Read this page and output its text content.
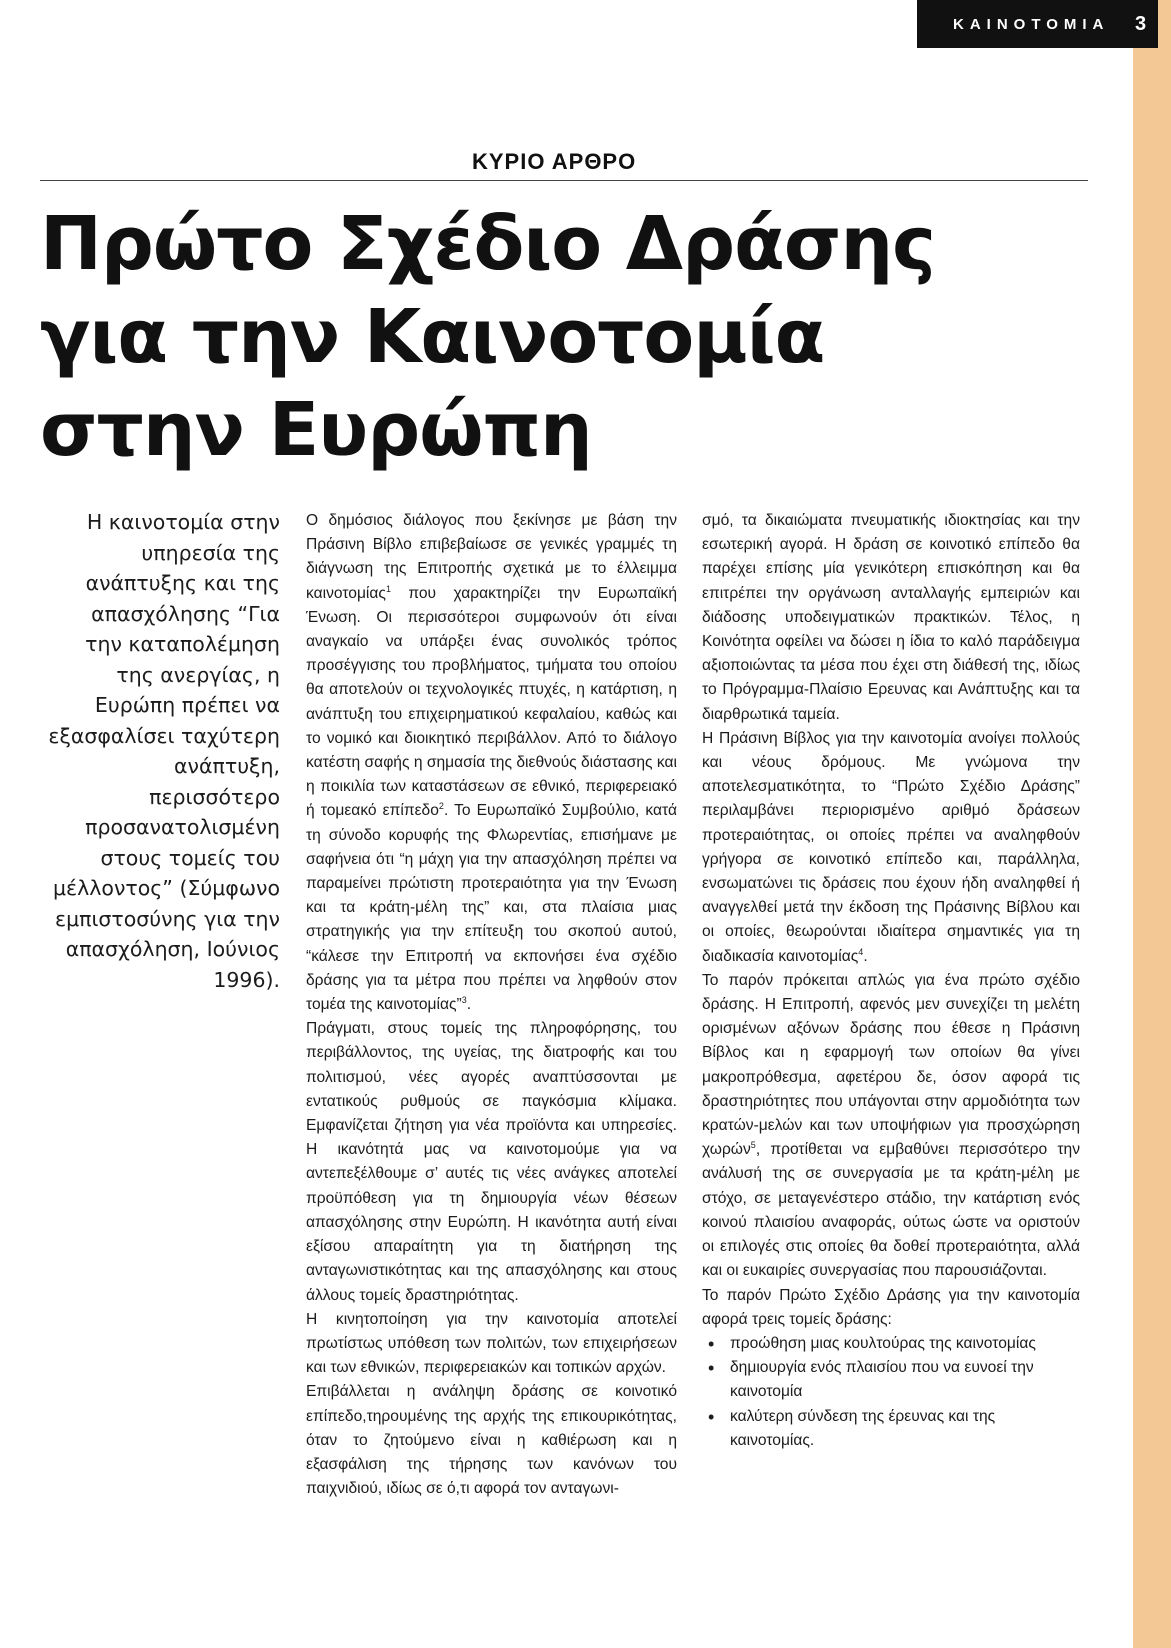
ΚΑΙΝΟΤΟΜΙΑ 3
ΚΥΡΙΟ ΑΡΘΡΟ
Πρώτο Σχέδιο Δράσης
για την Καινοτομία
στην Ευρώπη

Η καινοτομία στην υπηρεσία της ανάπτυξης και της απασχόλησης “Για την καταπολέμηση της ανεργίας, η Ευρώπη πρέπει να εξασφαλίσει ταχύτερη ανάπτυξη, περισσότερο προσανατολισμένη στους τομείς του μέλλοντος” (Σύμφωνο εμπιστοσύνης για την απασχόληση, Ιούνιος 1996).

Ο δημόσιος διάλογος που ξεκίνησε με βάση την Πράσινη Βίβλο επιβεβαίωσε σε γενικές γραμμές τη διάγνωση της Επιτροπής σχετικά με το έλλειμμα καινοτομίας$^1$ που χαρακτηρίζει την Ευρωπαϊκή Ένωση. Οι περισσότεροι συμφωνούν ότι είναι αναγκαίο να υπάρξει ένας συνολικός τρόπος προσέγγισης του προβλήματος, τμήματα του οποίου θα αποτελούν οι τεχνολογικές πτυχές, η κατάρτιση, η ανάπτυξη του επιχειρηματικού κεφαλαίου, καθώς και το νομικό και διοικητικό περιβάλλον. Από το διάλογο κατέστη σαφής η σημασία της διεθνούς διάστασης και η ποικιλία των καταστάσεων σε εθνικό, περιφερειακό ή τομεακό επίπεδο$^2$. Το Ευρωπαϊκό Συμβούλιο, κατά τη σύνοδο κορυφής της Φλωρεντίας, επισήμανε με σαφήνεια ότι “η μάχη για την απασχόληση πρέπει να παραμείνει πρώτιστη προτεραιότητα για την Ένωση και τα κράτη-μέλη της” και, στα πλαίσια μιας στρατηγικής για την επίτευξη του σκοπού αυτού, “κάλεσε την Επιτροπή να εκπονήσει ένα σχέδιο δράσης για τα μέτρα που πρέπει να ληφθούν στον τομέα της καινοτομίας”$^3$.

Πράγματι, στους τομείς της πληροφόρησης, του περιβάλλοντος, της υγείας, της διατροφής και του πολιτισμού, νέες αγορές αναπτύσσονται με εντατικούς ρυθμούς σε παγκόσμια κλίμακα. Εμφανίζεται ζήτηση για νέα προϊόντα και υπηρεσίες. Η ικανότητά μας να καινοτομούμε για να αντεπεξέλθουμε σ’ αυτές τις νέες ανάγκες αποτελεί προϋπόθεση για τη δημιουργία νέων θέσεων απασχόλησης στην Ευρώπη. Η ικανότητα αυτή είναι εξίσου απαραίτητη για τη διατήρηση της ανταγωνιστικότητας και της απασχόλησης και στους άλλους τομείς δραστηριότητας.

Η κινητοποίηση για την καινοτομία αποτελεί πρωτίστως υπόθεση των πολιτών, των επιχειρήσεων και των εθνικών, περιφερειακών και τοπικών αρχών.

Επιβάλλεται η ανάληψη δράσης σε κοινοτικό επίπεδο,τηρουμένης της αρχής της επικουρικότητας, όταν το ζητούμενο είναι η καθιέρωση και η εξασφάλιση της τήρησης των κανόνων του παιχνιδιού, ιδίως σε ό,τι αφορά τον ανταγωνι-

σμό, τα δικαιώματα πνευματικής ιδιοκτησίας και την εσωτερική αγορά. Η δράση σε κοινοτικό επίπεδο θα παρέχει επίσης μία γενικότερη επισκόπηση και θα επιτρέπει την οργάνωση ανταλλαγής εμπειριών και διάδοσης υποδειγματικών πρακτικών. Τέλος, η Κοινότητα οφείλει να δώσει η ίδια το καλό παράδειγμα αξιοποιώντας τα μέσα που έχει στη διάθεσή της, ιδίως το Πρόγραμμα-Πλαίσιο Ερευνας και Ανάπτυξης και τα διαρθρωτικά ταμεία.

Η Πράσινη Βίβλος για την καινοτομία ανοίγει πολλούς και νέους δρόμους. Με γνώμονα την αποτελεσματικότητα, το “Πρώτο Σχέδιο Δράσης” περιλαμβάνει περιορισμένο αριθμό δράσεων προτεραιότητας, οι οποίες πρέπει να αναληφθούν γρήγορα σε κοινοτικό επίπεδο και, παράλληλα, ενσωματώνει τις δράσεις που έχουν ήδη αναληφθεί ή αναγγελθεί μετά την έκδοση της Πράσινης Βίβλου και οι οποίες, θεωρούνται ιδιαίτερα σημαντικές για τη διαδικασία καινοτομίας$^4$.

Το παρόν πρόκειται απλώς για ένα πρώτο σχέδιο δράσης. Η Επιτροπή, αφενός μεν συνεχίζει τη μελέτη ορισμένων αξόνων δράσης που έθεσε η Πράσινη Βίβλος και η εφαρμογή των οποίων θα γίνει μακροπρόθεσμα, αφετέρου δε, όσον αφορά τις δραστηριότητες που υπάγονται στην αρμοδιότητα των κρατών-μελών και των υποψήφιων για προσχώρηση χωρών$^5$, προτίθεται να εμβαθύνει περισσότερο την ανάλυσή της σε συνεργασία με τα κράτη-μέλη με στόχο, σε μεταγενέστερο στάδιο, την κατάρτιση ενός κοινού πλαισίου αναφοράς, ούτως ώστε να οριστούν οι επιλογές στις οποίες θα δοθεί προτεραιότητα, αλλά και οι ευκαιρίες συνεργασίας που παρουσιάζονται.

Το παρόν Πρώτο Σχέδιο Δράσης για την καινοτομία αφορά τρεις τομείς δράσης:

• προώθηση μιας κουλτούρας της καινοτομίας
• δημιουργία ενός πλαισίου που να ευνοεί την καινοτομία
• καλύτερη σύνδεση της έρευνας και της καινοτομίας.
